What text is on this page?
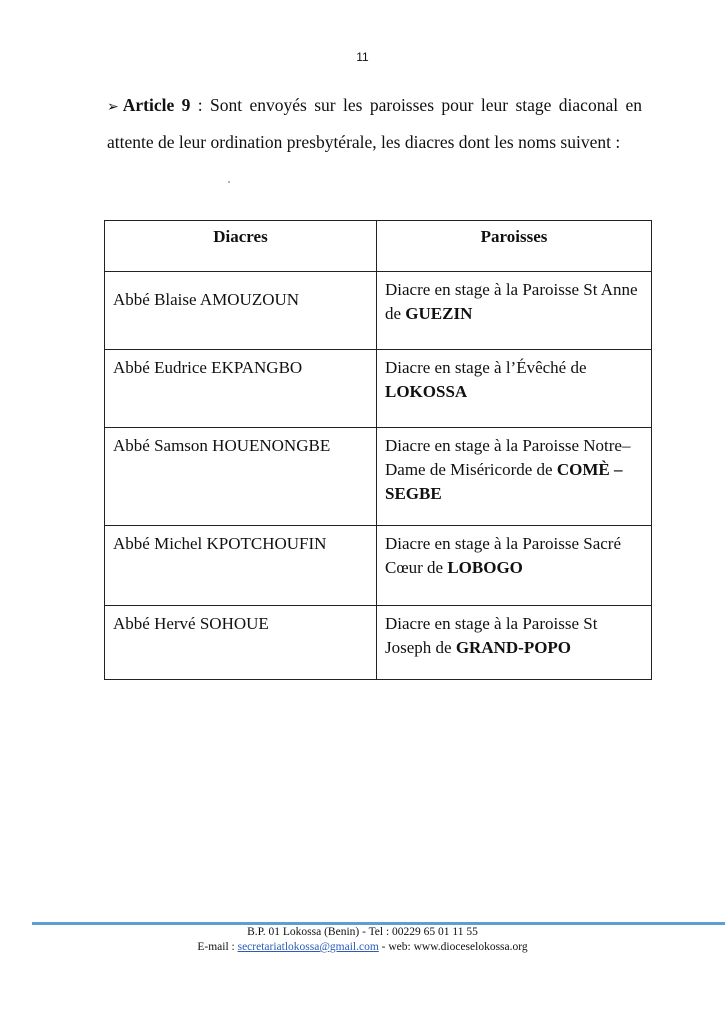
11
➢ Article 9 : Sont envoyés sur les paroisses pour leur stage diaconal en attente de leur ordination presbytérale, les diacres dont les noms suivent :
Diacres	Paroisses

Abbé Blaise AMOUZOUN	Diacre en stage à la Paroisse St Anne de GUEZIN

Abbé Eudrice EKPANGBO	Diacre en stage à l’Évêché de LOKOSSA

Abbé Samson HOUENONGBE	Diacre en stage à la Paroisse Notre–Dame de Miséricorde de COMÈ – SEGBE

Abbé Michel KPOTCHOUFIN	Diacre en stage à la Paroisse Sacré Cœur de LOBOGO

Abbé Hervé SOHOUE	Diacre en stage à la Paroisse St Joseph de GRAND-POPO
B.P. 01 Lokossa (Benin) - Tel : 00229 65 01 11 55
E-mail : secretariatlokossa@gmail.com - web: www.dioceselokossa.org
